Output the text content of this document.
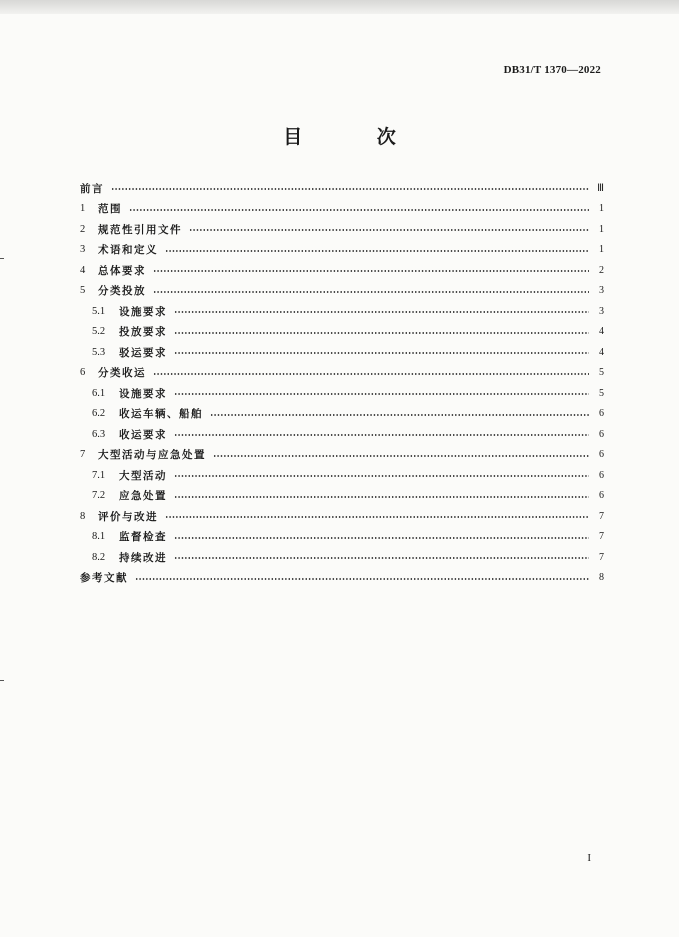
DB31/T 1370—2022
目 次
前言	Ⅲ
1	范围	1
2	规范性引用文件	1
3	术语和定义	1
4	总体要求	2
5	分类投放	3
5.1	设施要求	3
5.2	投放要求	4
5.3	驳运要求	4
6	分类收运	5
6.1	设施要求	5
6.2	收运车辆、船舶	6
6.3	收运要求	6
7	大型活动与应急处置	6
7.1	大型活动	6
7.2	应急处置	6
8	评价与改进	7
8.1	监督检查	7
8.2	持续改进	7
参考文献	8
I
